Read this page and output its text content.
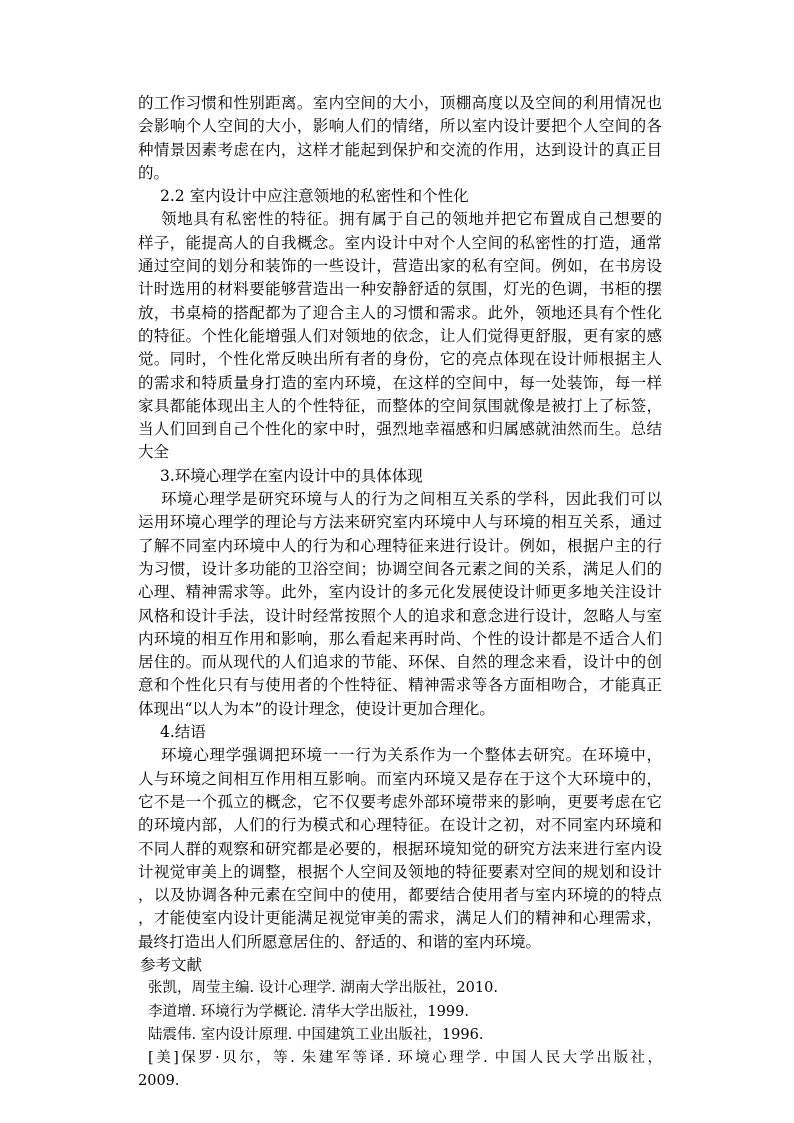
的工作习惯和性别距离。室内空间的大小，顶棚高度以及空间的利用情况也
会影响个人空间的大小，影响人们的情绪，所以室内设计要把个人空间的各
种情景因素考虑在内，这样才能起到保护和交流的作用，达到设计的真正目
的。
2.2 室内设计中应注意领地的私密性和个性化
领地具有私密性的特征。拥有属于自己的领地并把它布置成自己想要的
样子，能提高人的自我概念。室内设计中对个人空间的私密性的打造，通常
通过空间的划分和装饰的一些设计，营造出家的私有空间。例如，在书房设
计时选用的材料要能够营造出一种安静舒适的氛围，灯光的色调，书柜的摆
放，书桌椅的搭配都为了迎合主人的习惯和需求。此外，领地还具有个性化
的特征。个性化能增强人们对领地的依念，让人们觉得更舒服，更有家的感
觉。同时，个性化常反映出所有者的身份，它的亮点体现在设计师根据主人
的需求和特质量身打造的室内环境，在这样的空间中，每一处装饰，每一样
家具都能体现出主人的个性特征，而整体的空间氛围就像是被打上了标签，
当人们回到自己个性化的家中时，强烈地幸福感和归属感就油然而生。总结
大全
3.环境心理学在室内设计中的具体体现
环境心理学是研究环境与人的行为之间相互关系的学科，因此我们可以
运用环境心理学的理论与方法来研究室内环境中人与环境的相互关系，通过
了解不同室内环境中人的行为和心理特征来进行设计。例如，根据户主的行
为习惯，设计多功能的卫浴空间；协调空间各元素之间的关系，满足人们的
心理、精神需求等。此外，室内设计的多元化发展使设计师更多地关注设计
风格和设计手法，设计时经常按照个人的追求和意念进行设计，忽略人与室
内环境的相互作用和影响，那么看起来再时尚、个性的设计都是不适合人们
居住的。而从现代的人们追求的节能、环保、自然的理念来看，设计中的创
意和个性化只有与使用者的个性特征、精神需求等各方面相吻合，才能真正
体现出“以人为本”的设计理念，使设计更加合理化。
4.结语
环境心理学强调把环境一一行为关系作为一个整体去研究。在环境中，
人与环境之间相互作用相互影响。而室内环境又是存在于这个大环境中的，
它不是一个孤立的概念，它不仅要考虑外部环境带来的影响，更要考虑在它
的环境内部，人们的行为模式和心理特征。在设计之初，对不同室内环境和
不同人群的观察和研究都是必要的，根据环境知觉的研究方法来进行室内设
计视觉审美上的调整，根据个人空间及领地的特征要素对空间的规划和设计
，以及协调各种元素在空间中的使用，都要结合使用者与室内环境的的特点
，才能使室内设计更能满足视觉审美的需求，满足人们的精神和心理需求，
最终打造出人们所愿意居住的、舒适的、和谐的室内环境。
参考文献
张凯，周莹主编. 设计心理学. 湖南大学出版社，2010.
李道增. 环境行为学概论. 清华大学出版社，1999.
陆震伟. 室内设计原理. 中国建筑工业出版社，1996.
[美]保罗·贝尔，等. 朱建军等译. 环境心理学. 中国人民大学出版社，
2009.
